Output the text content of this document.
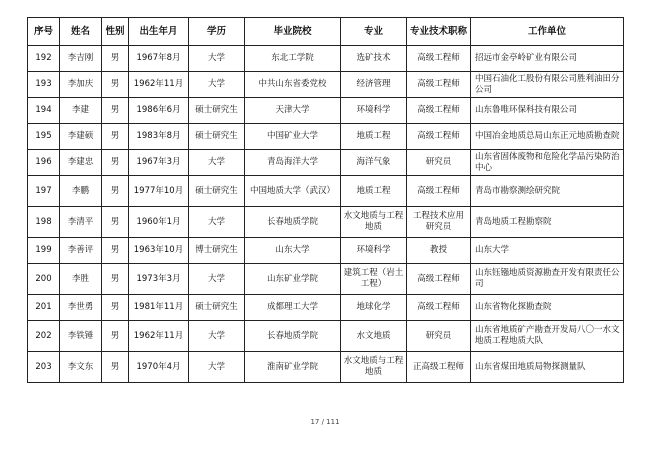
序号	姓名	性别	出生年月	学历	毕业院校	专业	专业技术职称	工作单位
192	李吉刚	男	1967年8月	大学	东北工学院	选矿技术	高级工程师	招远市金亭岭矿业有限公司
193	李加庆	男	1962年11月	大学	中共山东省委党校	经济管理	高级工程师	中国石油化工股份有限公司胜利油田分公司
194	李建	男	1986年6月	硕士研究生	天津大学	环境科学	高级工程师	山东鲁唯环保科技有限公司
195	李建硕	男	1983年8月	硕士研究生	中国矿业大学	地质工程	高级工程师	中国冶金地质总局山东正元地质勘查院
196	李建忠	男	1967年3月	大学	青岛海洋大学	海洋气象	研究员	山东省固体废物和危险化学品污染防治中心
197	李鹏	男	1977年10月	硕士研究生	中国地质大学（武汉）	地质工程	高级工程师	青岛市勘察测绘研究院
198	李清平	男	1960年1月	大学	长春地质学院	水文地质与工程地质	工程技术应用研究员	青岛地质工程勘察院
199	李善评	男	1963年10月	博士研究生	山东大学	环境科学	教授	山东大学
200	李胜	男	1973年3月	大学	山东矿业学院	建筑工程（岩土工程）	高级工程师	山东钰镪地质资源勘查开发有限责任公司
201	李世勇	男	1981年11月	硕士研究生	成都理工大学	地球化学	高级工程师	山东省物化探勘查院
202	李铁锤	男	1962年11月	大学	长春地质学院	水文地质	研究员	山东省地质矿产勘查开发局八〇一水文地质工程地质大队
203	李文东	男	1970年4月	大学	淮南矿业学院	水文地质与工程地质	正高级工程师	山东省煤田地质局物探测量队
17 / 111
